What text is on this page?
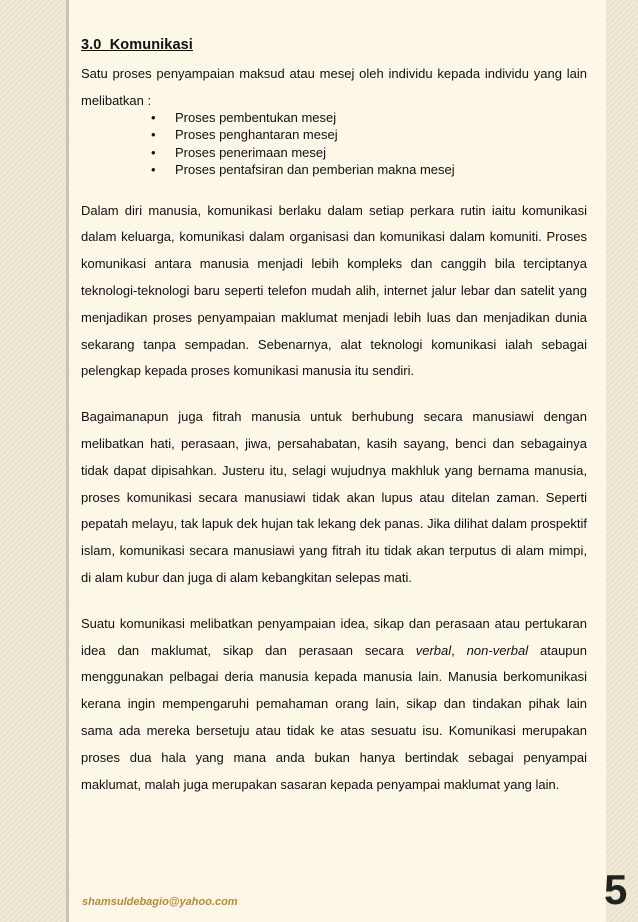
3.0 Komunikasi

Satu proses penyampaian maksud atau mesej oleh individu kepada individu yang lain melibatkan :

• Proses pembentukan mesej
• Proses penghantaran mesej
• Proses penerimaan mesej
• Proses pentafsiran dan pemberian makna mesej

Dalam diri manusia, komunikasi berlaku dalam setiap perkara rutin iaitu komunikasi dalam keluarga, komunikasi dalam organisasi dan komunikasi dalam komuniti. Proses komunikasi antara manusia menjadi lebih kompleks dan canggih bila terciptanya teknologi-teknologi baru seperti telefon mudah alih, internet jalur lebar dan satelit yang menjadikan proses penyampaian maklumat menjadi lebih luas dan menjadikan dunia sekarang tanpa sempadan. Sebenarnya, alat teknologi komunikasi ialah sebagai pelengkap kepada proses komunikasi manusia itu sendiri.

Bagaimanapun juga fitrah manusia untuk berhubung secara manusiawi dengan melibatkan hati, perasaan, jiwa, persahabatan, kasih sayang, benci dan sebagainya tidak dapat dipisahkan. Justeru itu, selagi wujudnya makhluk yang bernama manusia, proses komunikasi secara manusiawi tidak akan lupus atau ditelan zaman. Seperti pepatah melayu, tak lapuk dek hujan tak lekang dek panas. Jika dilihat dalam prospektif islam, komunikasi secara manusiawi yang fitrah itu tidak akan terputus di alam mimpi, di alam kubur dan juga di alam kebangkitan selepas mati.

Suatu komunikasi melibatkan penyampaian idea, sikap dan perasaan atau pertukaran idea dan maklumat, sikap dan perasaan secara verbal, non-verbal ataupun menggunakan pelbagai deria manusia kepada manusia lain. Manusia berkomunikasi kerana ingin mempengaruhi pemahaman orang lain, sikap dan tindakan pihak lain sama ada mereka bersetuju atau tidak ke atas sesuatu isu. Komunikasi merupakan proses dua hala yang mana anda bukan hanya bertindak sebagai penyampai maklumat, malah juga merupakan sasaran kepada penyampai maklumat yang lain.

shamsuldebagio@yahoo.com	5
